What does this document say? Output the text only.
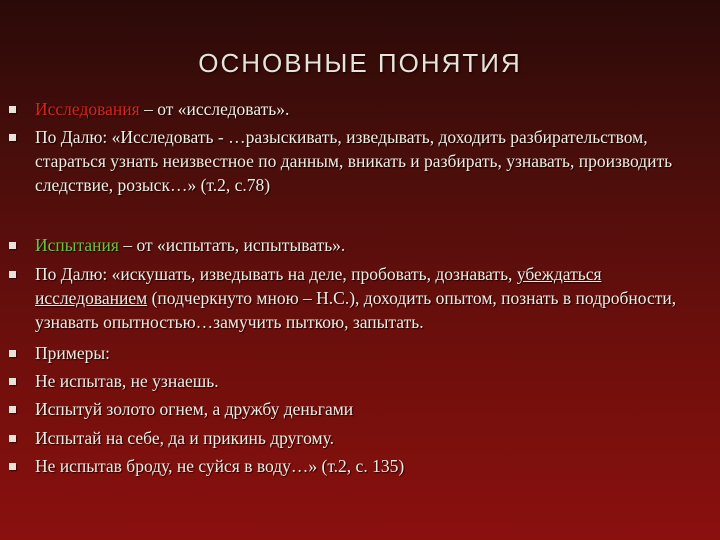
ОСНОВНЫЕ ПОНЯТИЯ
Исследования – от «исследовать».
По Далю: «Исследовать - …разыскивать, изведывать, доходить разбирательством, стараться узнать неизвестное по данным, вникать и разбирать, узнавать, производить следствие, розыск…» (т.2, с.78)
Испытания – от «испытать, испытывать».
По Далю: «искушать, изведывать на деле, пробовать, дознавать, убеждаться исследованием (подчеркнуто мною – Н.С.), доходить опытом, познать в подробности, узнавать опытностью…замучить пыткою, запытать.
Примеры:
Не испытав, не узнаешь.
Испытуй золото огнем, а дружбу деньгами
Испытай на себе, да и прикинь другому.
Не испытав броду, не суйся в воду…» (т.2, с. 135)
